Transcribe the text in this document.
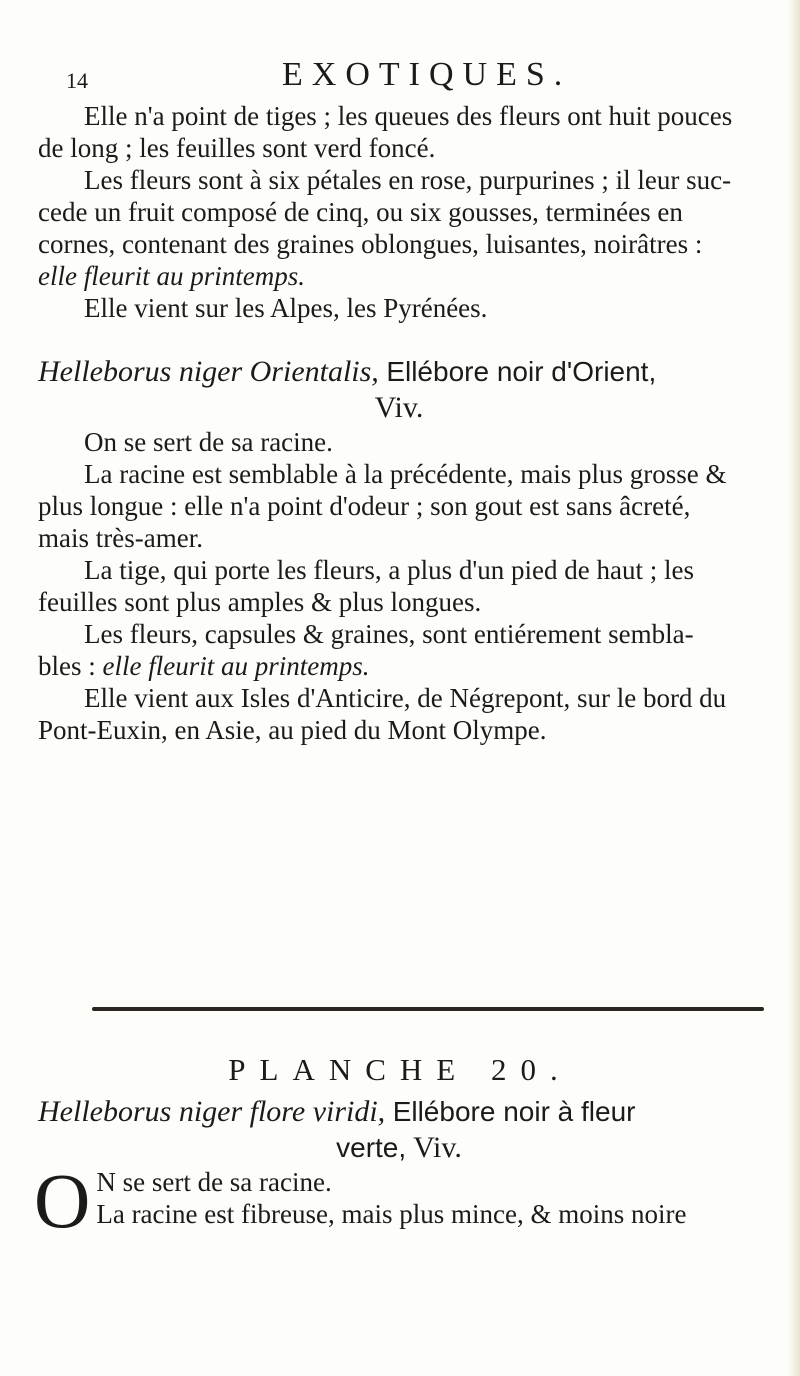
14	EXOTIQUES.

Elle n'a point de tiges ; les queues des fleurs ont huit pouces

de long ; les feuilles sont verd foncé.

Les fleurs sont à six pétales en rose, purpurines ; il leur suc-

cede un fruit composé de cinq, ou six gousses, terminées en

cornes, contenant des graines oblongues, luisantes, noirâtres :

elle fleurit au printemps.

Elle vient sur les Alpes, les Pyrénées.

Helleborus niger Orientalis, Ellébore noir d'Orient,

Viv.

On se sert de sa racine.

La racine est semblable à la précédente, mais plus grosse &

plus longue : elle n'a point d'odeur ; son gout est sans âcreté,

mais très-amer.

La tige, qui porte les fleurs, a plus d'un pied de haut ; les

feuilles sont plus amples & plus longues.

Les fleurs, capsules & graines, sont entiérement sembla-

bles : elle fleurit au printemps.

Elle vient aux Isles d'Anticire, de Négrepont, sur le bord du

Pont-Euxin, en Asie, au pied du Mont Olympe.

PLANCHE 20.

Helleborus niger flore viridi, Ellébore noir à fleur

verte, Viv.

O N se sert de sa racine.

La racine est fibreuse, mais plus mince, & moins noire
